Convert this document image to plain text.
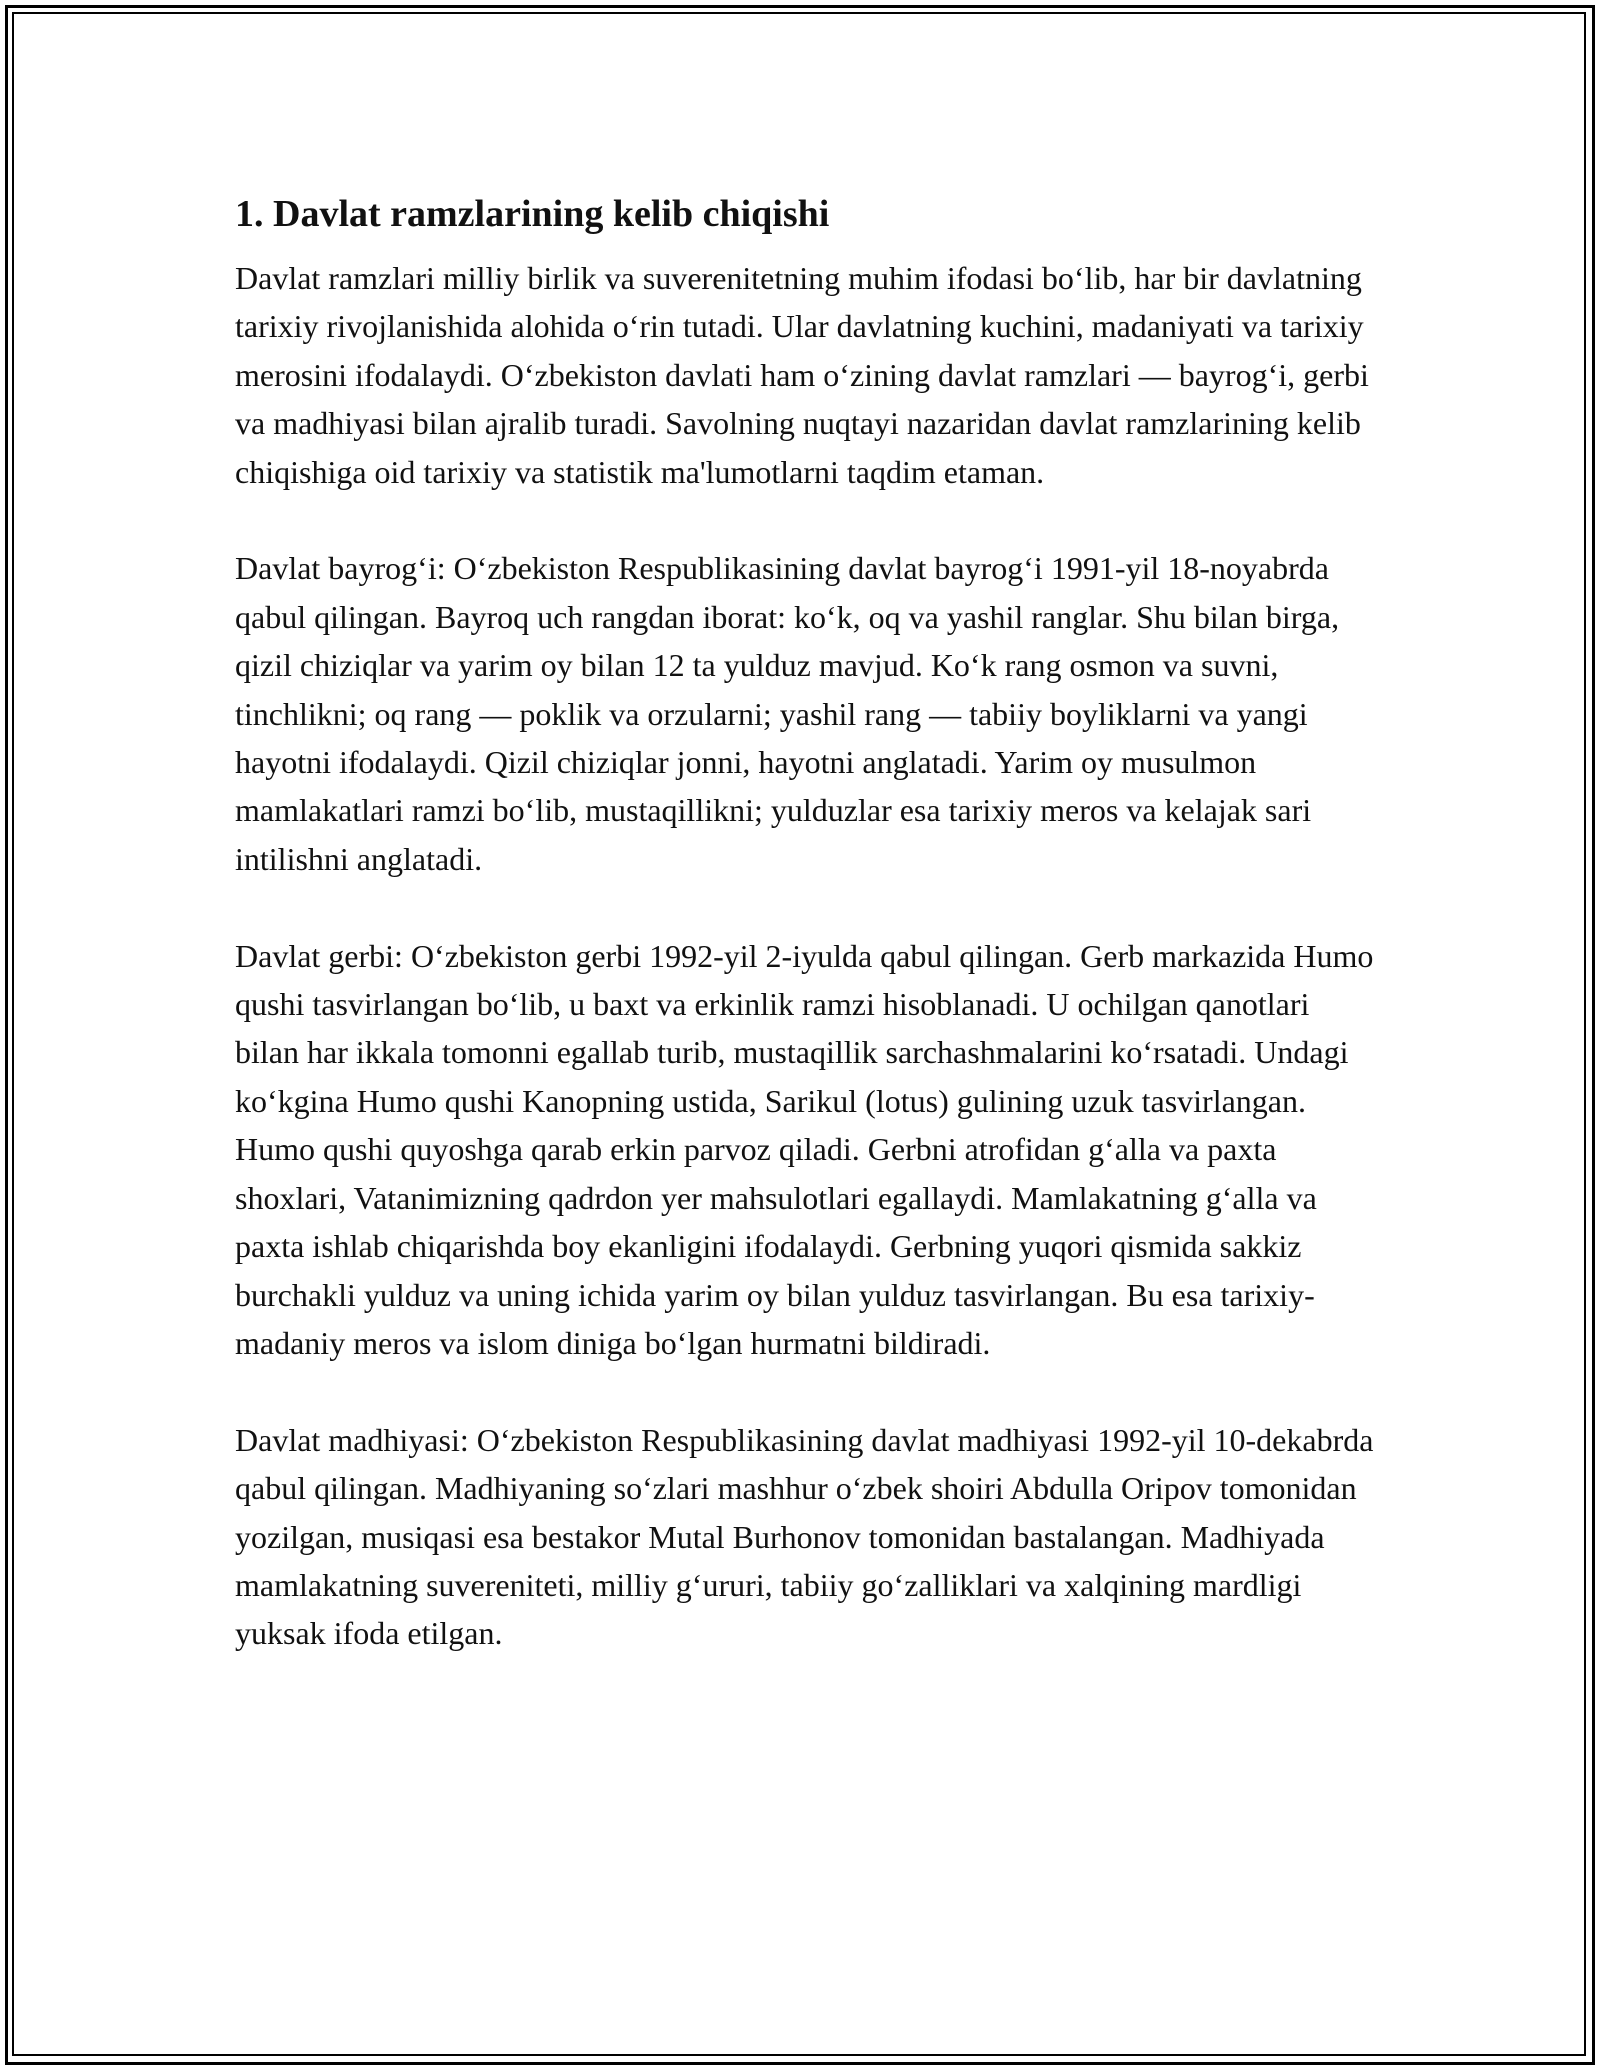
1. Davlat ramzlarining kelib chiqishi

Davlat ramzlari milliy birlik va suverenitetning muhim ifodasi bo‘lib, har bir davlatning tarixiy rivojlanishida alohida o‘rin tutadi. Ular davlatning kuchini, madaniyati va tarixiy merosini ifodalaydi. O‘zbekiston davlati ham o‘zining davlat ramzlari — bayrog‘i, gerbi va madhiyasi bilan ajralib turadi. Savolning nuqtayi nazaridan davlat ramzlarining kelib chiqishiga oid tarixiy va statistik ma'lumotlarni taqdim etaman.

Davlat bayrog‘i: O‘zbekiston Respublikasining davlat bayrog‘i 1991-yil 18-noyabrda qabul qilingan. Bayroq uch rangdan iborat: ko‘k, oq va yashil ranglar. Shu bilan birga, qizil chiziqlar va yarim oy bilan 12 ta yulduz mavjud. Ko‘k rang osmon va suvni, tinchlikni; oq rang — poklik va orzularni; yashil rang — tabiiy boyliklarni va yangi hayotni ifodalaydi. Qizil chiziqlar jonni, hayotni anglatadi. Yarim oy musulmon mamlakatlari ramzi bo‘lib, mustaqillikni; yulduzlar esa tarixiy meros va kelajak sari intilishni anglatadi.

Davlat gerbi: O‘zbekiston gerbi 1992-yil 2-iyulda qabul qilingan. Gerb markazida Humo qushi tasvirlangan bo‘lib, u baxt va erkinlik ramzi hisoblanadi. U ochilgan qanotlari bilan har ikkala tomonni egallab turib, mustaqillik sarchashmalarini ko‘rsatadi. Undagi ko‘kgina Humo qushi Kanopning ustida, Sarikul (lotus) gulining uzuk tasvirlangan. Humo qushi quyoshga qarab erkin parvoz qiladi. Gerbni atrofidan g‘alla va paxta shoxlari, Vatanimizning qadrdon yer mahsulotlari egallaydi. Mamlakatning g‘alla va paxta ishlab chiqarishda boy ekanligini ifodalaydi. Gerbning yuqori qismida sakkiz burchakli yulduz va uning ichida yarim oy bilan yulduz tasvirlangan. Bu esa tarixiy-madaniy meros va islom diniga bo‘lgan hurmatni bildiradi.

Davlat madhiyasi: O‘zbekiston Respublikasining davlat madhiyasi 1992-yil 10-dekabrda qabul qilingan. Madhiyaning so‘zlari mashhur o‘zbek shoiri Abdulla Oripov tomonidan yozilgan, musiqasi esa bestakor Mutal Burhonov tomonidan bastalangan. Madhiyada mamlakatning suvereniteti, milliy g‘ururi, tabiiy go‘zalliklari va xalqining mardligi yuksak ifoda etilgan.
